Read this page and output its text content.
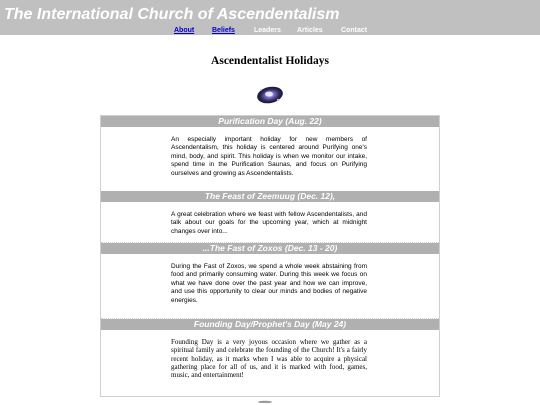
The International Church of Ascendentalism
About	Beliefs	Leaders Articles	Contact
Ascendentalist Holidays
Purification Day (Aug. 22)
An especially important holiday for new members of Ascendentalism, this holiday is centered around Purifying one's mind, body, and spirit. This holiday is when we monitor our intake, spend time in the Purification Saunas, and focus on Purifying ourselves and growing as Ascendentalists.
The Feast of Zeemuug (Dec. 12),
A great celebration where we feast with fellow Ascendentalists, and talk about our goals for the upcoming year, which at midnight changes over into...
...The Fast of Zoxos (Dec. 13 - 20)
During the Fast of Zoxos, we spend a whole week abstaining from food and primarily consuming water. During this week we focus on what we have done over the past year and how we can improve, and use this opportunity to clear our minds and bodies of negative energies.
Founding Day/Prophet's Day (May 24)
Founding Day is a very joyous occasion where we gather as a spiritual family and celebrate the founding of the Church! It's a fairly recent holiday, as it marks when I was able to acquire a physical gathering place for all of us, and it is marked with food, games, music, and entertainment!
